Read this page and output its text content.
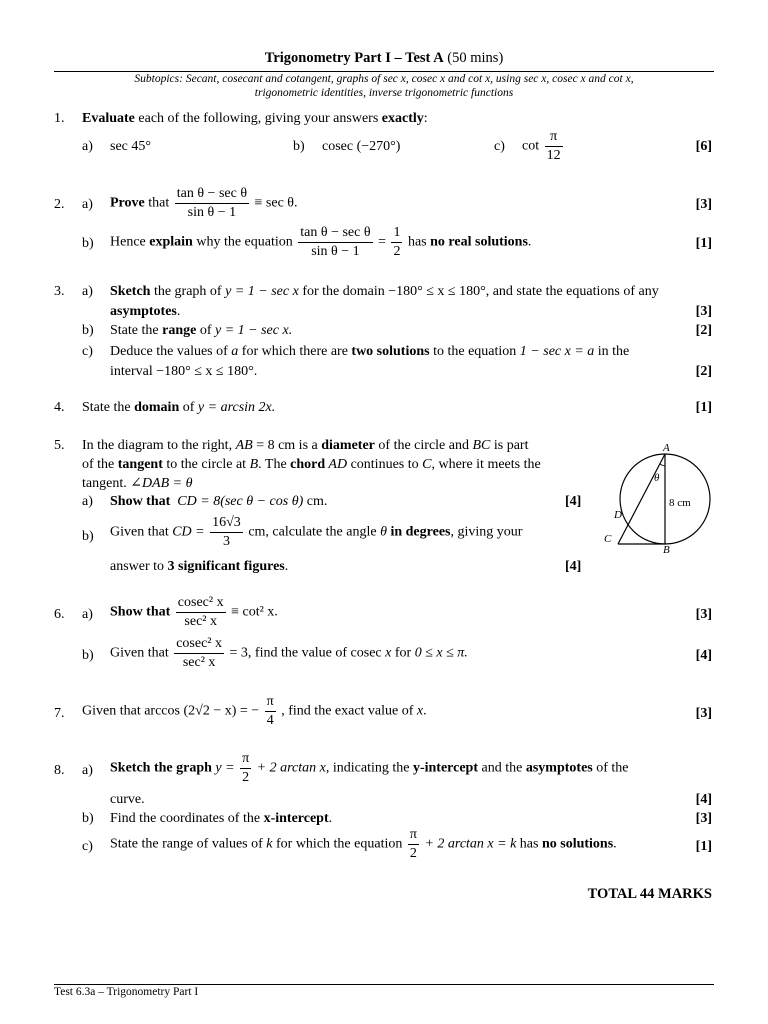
Trigonometry Part I – Test A (50 mins)
Subtopics: Secant, cosecant and cotangent, graphs of sec x, cosec x and cot x, using sec x, cosec x and cot x,
trigonometric identities, inverse trigonometric functions
1. Evaluate each of the following, giving your answers exactly:
a) sec 45°	b) cosec (−270°)	c) $\cot \frac{\pi}{12}$	[6]
2. a) Prove that $\frac{\text{tan θ − sec θ}}{\text{sin θ − 1}} \equiv \sec \theta$.	[3]
b) Hence explain why the equation $\frac{\text{tan θ − sec θ}}{\text{sin θ − 1}} = \frac{1}{2}$ has no real solutions.	[1]
3. a) Sketch the graph of y = 1 − sec x for the domain −180° ≤ x ≤ 180°, and state the equations of any
asymptotes.	[3]
b) State the range of y = 1 − sec x.	[2]
c) Deduce the values of a for which there are two solutions to the equation 1 − sec x = a in the
interval −180° ≤ x ≤ 180°.	[2]
4. State the domain of y = arcsin 2x.	[1]
5. In the diagram to the right, AB = 8 cm is a diameter of the circle and BC is part
of the tangent to the circle at B. The chord AD continues to C, where it meets the
tangent. ∠DAB = θ
a) Show that CD = 8(sec θ − cos θ) cm.	[4]
b) Given that CD = $\frac{16√3}{3}$ cm, calculate the angle θ in degrees, giving your
answer to 3 significant figures.	[4]
A
B
C
D
θ
8 cm
6. a) Show that $\frac{\text{cosec² x}}{\text{sec² x}} \equiv \cot^2$ x.	[3]
b) Given that $\frac{\text{cosec² x}}{\text{sec² x}} = 3$, find the value of cosec x for 0 ≤ x ≤ π.	[4]
7. Given that arccos (2√2 − x) = − $\frac{\pi}{4}$ , find the exact value of x.	[3]
8. a) Sketch the graph $y = \frac{\pi}{2} + 2$ arctan x, indicating the y-intercept and the asymptotes of the
curve.	[4]
b) Find the coordinates of the x-intercept.	[3]
c) State the range of values of k for which the equation $\frac{\pi}{2} + 2$ arctan x = k has no solutions.	[1]
TOTAL 44 MARKS
Test 6.3a – Trigonometry Part I
